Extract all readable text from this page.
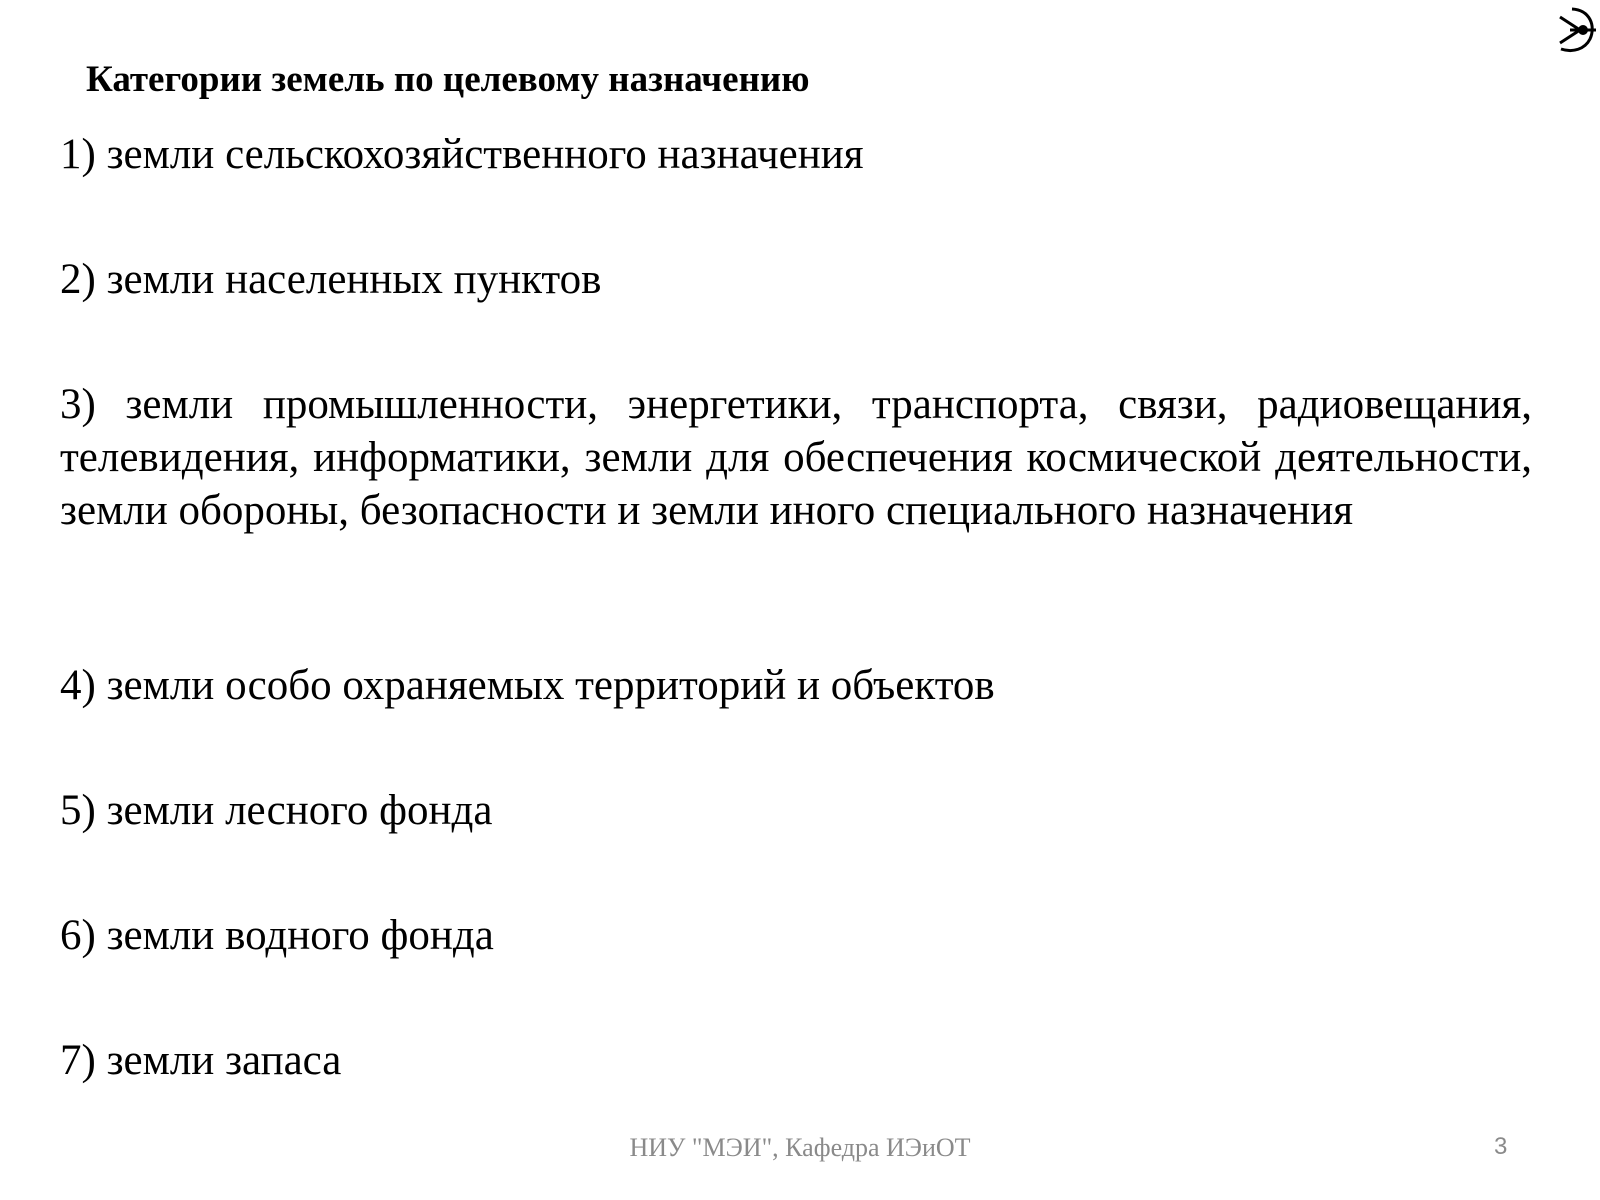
Категории земель по целевому назначению
1) земли сельскохозяйственного назначения
2) земли населенных пунктов
3) земли промышленности, энергетики, транспорта, связи, радиовещания, телевидения, информатики, земли для обеспечения космической деятельности, земли обороны, безопасности и земли иного специального назначения
4) земли особо охраняемых территорий и объектов
5) земли лесного фонда
6) земли водного фонда
7) земли запаса
НИУ "МЭИ", Кафедра ИЭиОТ	3
